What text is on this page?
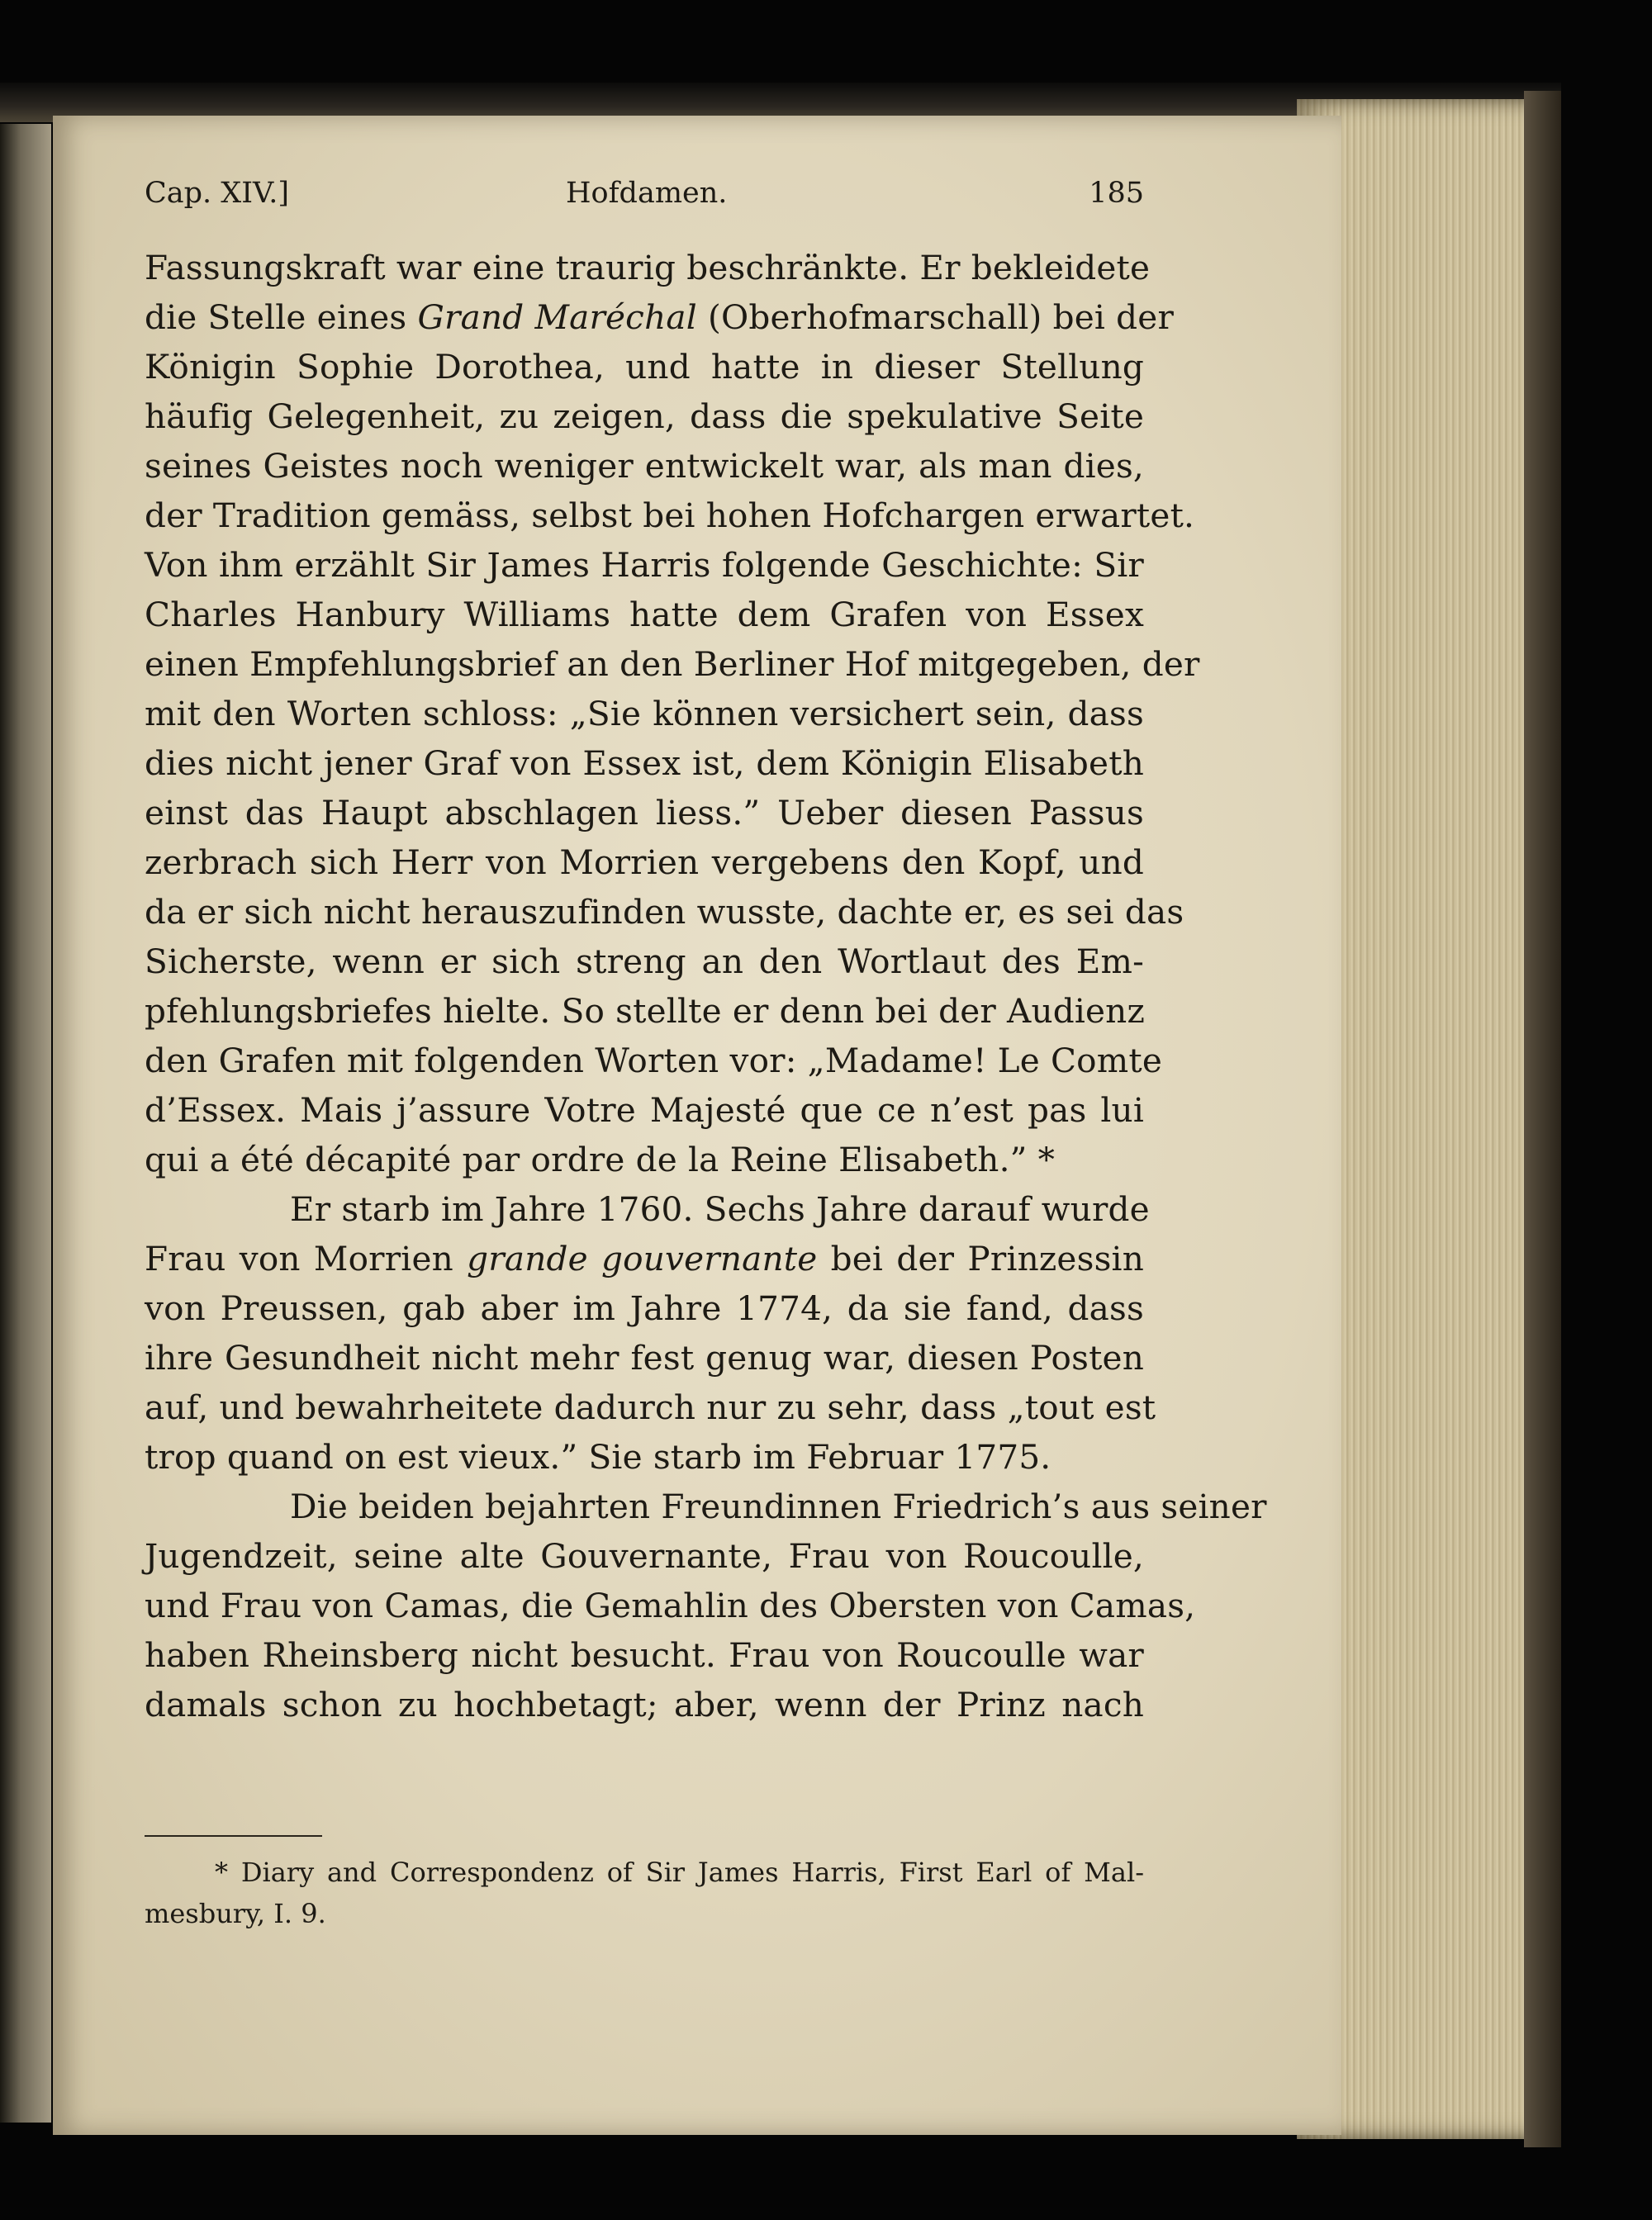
Cap. XIV.]	Hofdamen.	185
Fassungskraft war eine traurig beschränkte. Er bekleidete
die Stelle eines Grand Maréchal (Oberhofmarschall) bei der
Königin Sophie Dorothea, und hatte in dieser Stellung
häufig Gelegenheit, zu zeigen, dass die spekulative Seite
seines Geistes noch weniger entwickelt war, als man dies,
der Tradition gemäss, selbst bei hohen Hofchargen erwartet.
Von ihm erzählt Sir James Harris folgende Geschichte: Sir
Charles Hanbury Williams hatte dem Grafen von Essex
einen Empfehlungsbrief an den Berliner Hof mitgegeben, der
mit den Worten schloss: „Sie können versichert sein, dass
dies nicht jener Graf von Essex ist, dem Königin Elisabeth
einst das Haupt abschlagen liess.” Ueber diesen Passus
zerbrach sich Herr von Morrien vergebens den Kopf, und
da er sich nicht herauszufinden wusste, dachte er, es sei das
Sicherste, wenn er sich streng an den Wortlaut des Em-
pfehlungsbriefes hielte. So stellte er denn bei der Audienz
den Grafen mit folgenden Worten vor: „Madame! Le Comte
d’Essex. Mais j’assure Votre Majesté que ce n’est pas lui
qui a été décapité par ordre de la Reine Elisabeth.” *
Er starb im Jahre 1760. Sechs Jahre darauf wurde
Frau von Morrien grande gouvernante bei der Prinzessin
von Preussen, gab aber im Jahre 1774, da sie fand, dass
ihre Gesundheit nicht mehr fest genug war, diesen Posten
auf, und bewahrheitete dadurch nur zu sehr, dass „tout est
trop quand on est vieux.” Sie starb im Februar 1775.
Die beiden bejahrten Freundinnen Friedrich’s aus seiner
Jugendzeit, seine alte Gouvernante, Frau von Roucoulle,
und Frau von Camas, die Gemahlin des Obersten von Camas,
haben Rheinsberg nicht besucht. Frau von Roucoulle war
damals schon zu hochbetagt; aber, wenn der Prinz nach
* Diary and Correspondenz of Sir James Harris, First Earl of Mal-
mesbury, I. 9.
